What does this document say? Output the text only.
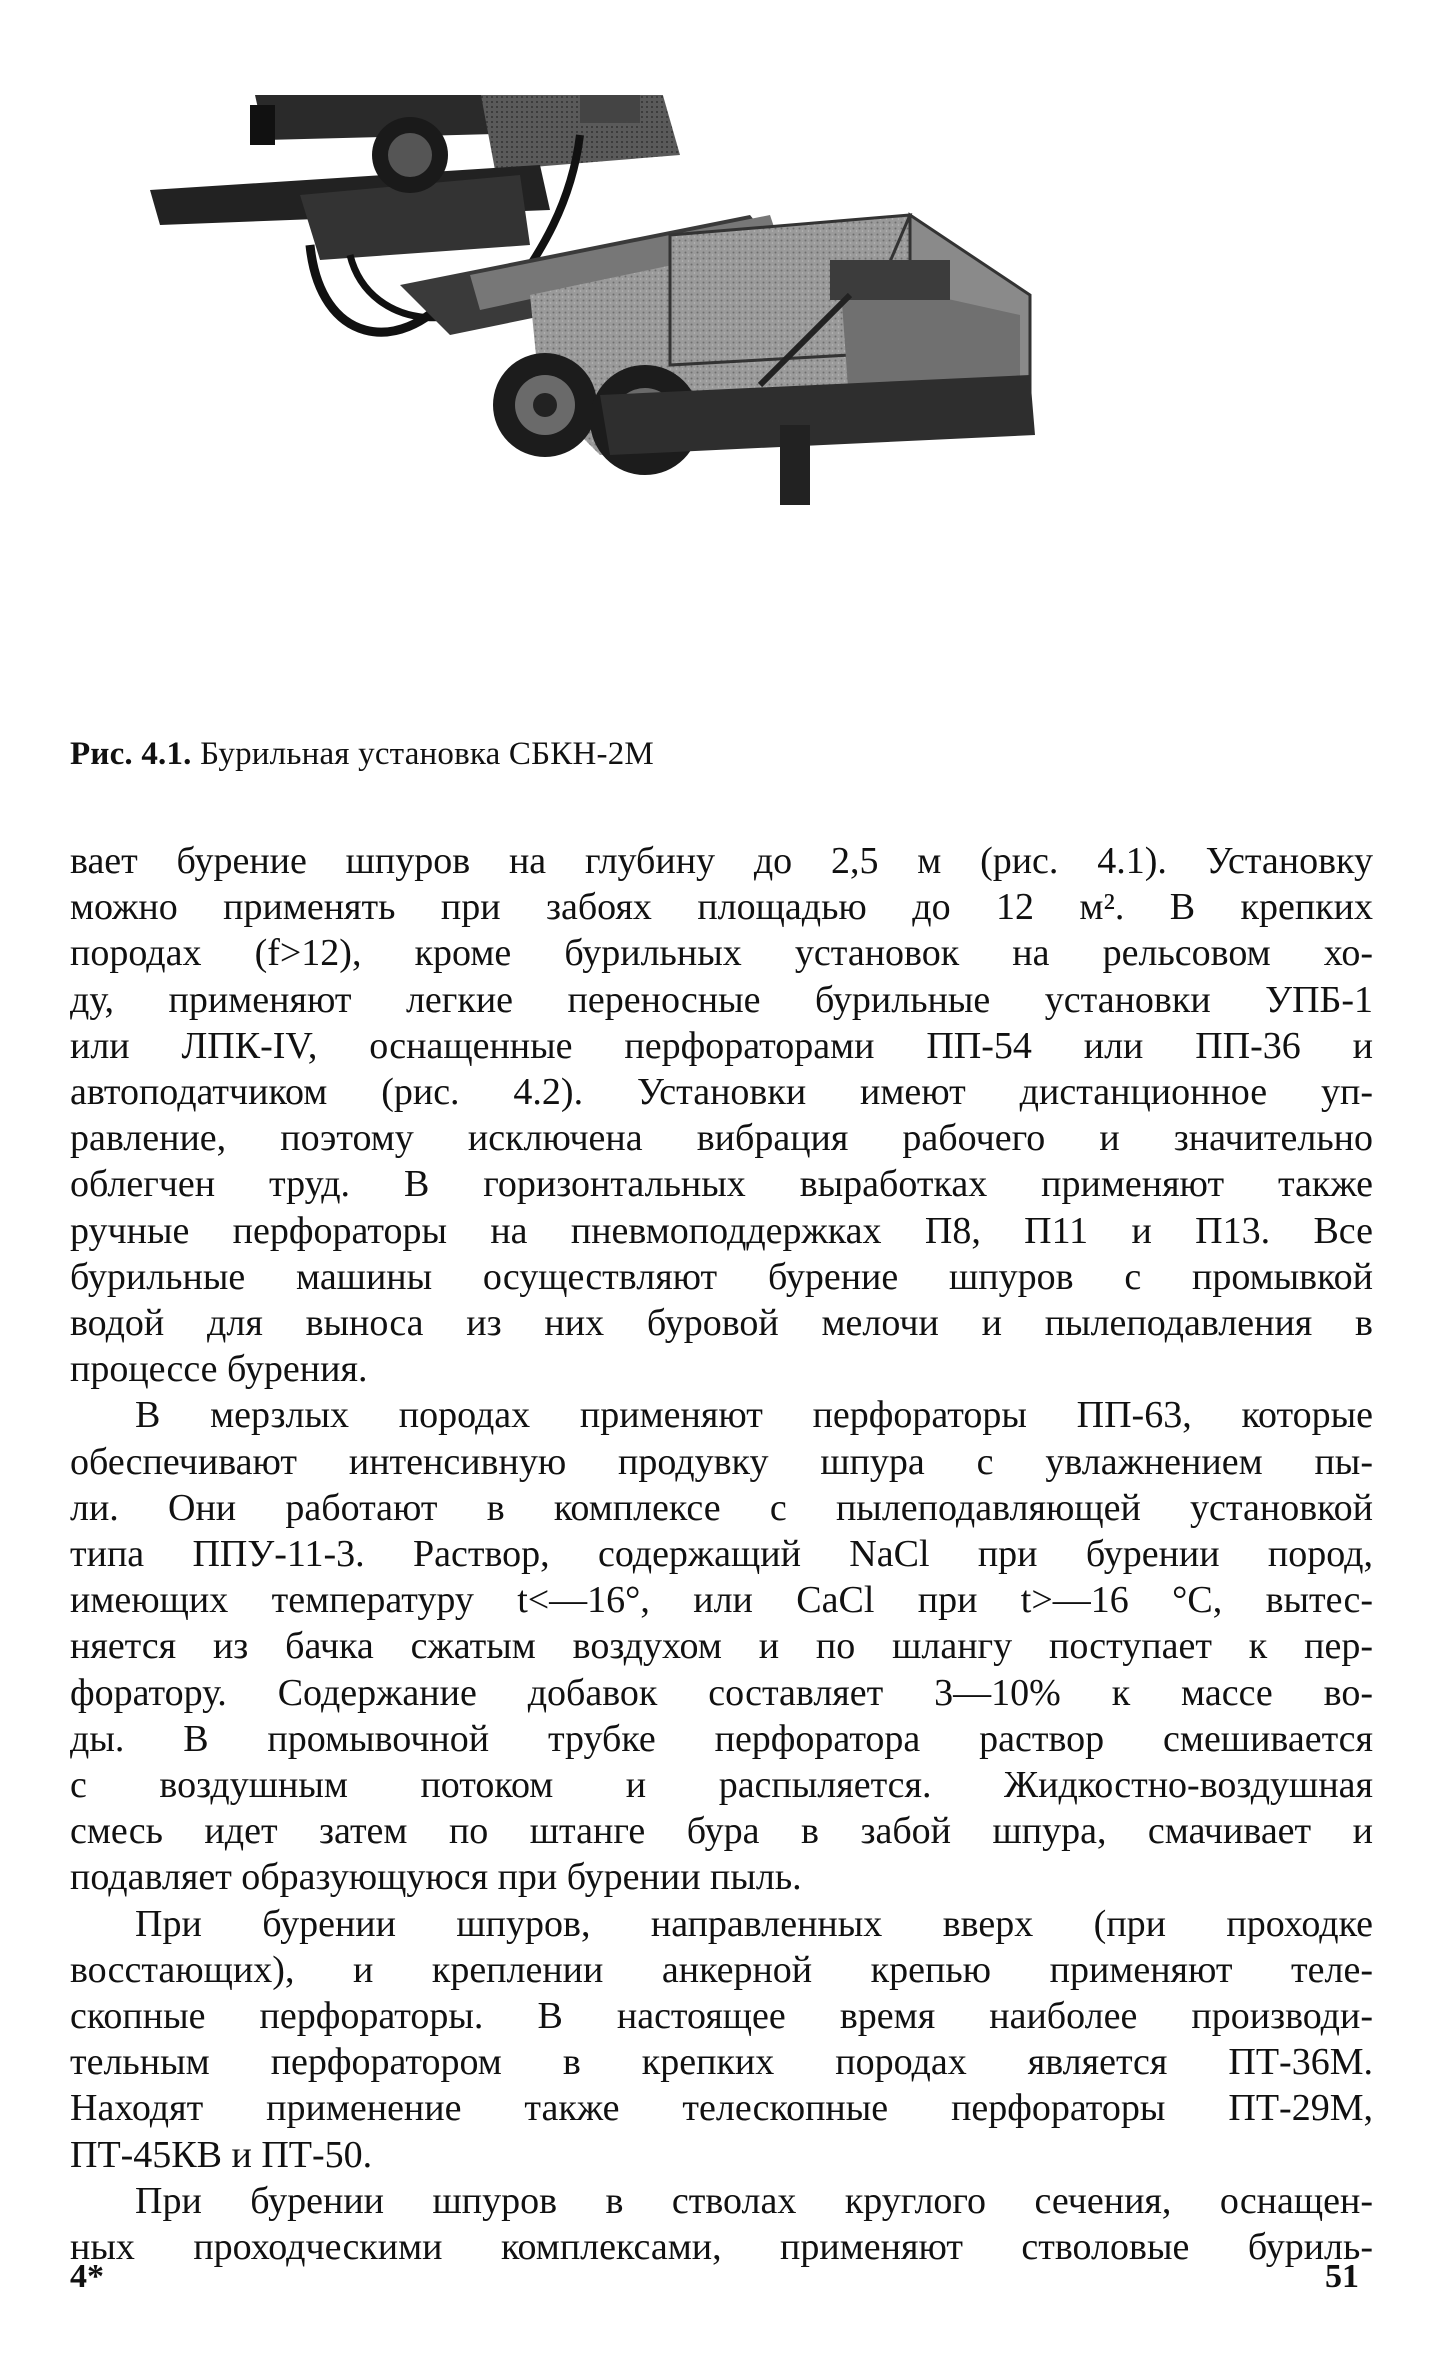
Рис. 4.1. Бурильная установка СБКН-2М
вает бурение шпуров на глубину до 2,5 м (рис. 4.1). Установку
можно применять при забоях площадью до 12 м². В крепких
породах (f>12), кроме бурильных установок на рельсовом хо-
ду, применяют легкие переносные бурильные установки УПБ-1
или ЛПК-IV, оснащенные перфораторами ПП-54 или ПП-36 и
автоподатчиком (рис. 4.2). Установки имеют дистанционное уп-
равление, поэтому исключена вибрация рабочего и значительно
облегчен труд. В горизонтальных выработках применяют также
ручные перфораторы на пневмоподдержках П8, П11 и П13. Все
бурильные машины осуществляют бурение шпуров с промывкой
водой для выноса из них буровой мелочи и пылеподавления в
процессе бурения.
В мерзлых породах применяют перфораторы ПП-63, которые
обеспечивают интенсивную продувку шпура с увлажнением пы-
ли. Они работают в комплексе с пылеподавляющей установкой
типа ППУ-11-3. Раствор, содержащий NaCl при бурении пород,
имеющих температуру t<—16°, или CaCl при t>—16 °С, вытес-
няется из бачка сжатым воздухом и по шлангу поступает к пер-
форатору. Содержание добавок составляет 3—10% к массе во-
ды. В промывочной трубке перфоратора раствор смешивается
с воздушным потоком и распыляется. Жидкостно-воздушная
смесь идет затем по штанге бура в забой шпура, смачивает и
подавляет образующуюся при бурении пыль.
При бурении шпуров, направленных вверх (при проходке
восстающих), и креплении анкерной крепью применяют теле-
скопные перфораторы. В настоящее время наиболее производи-
тельным перфоратором в крепких породах является ПТ-36М.
Находят применение также телескопные перфораторы ПТ-29М,
ПТ-45КВ и ПТ-50.
При бурении шпуров в стволах круглого сечения, оснащен-
ных проходческими комплексами, применяют стволовые буриль-
4*	51
